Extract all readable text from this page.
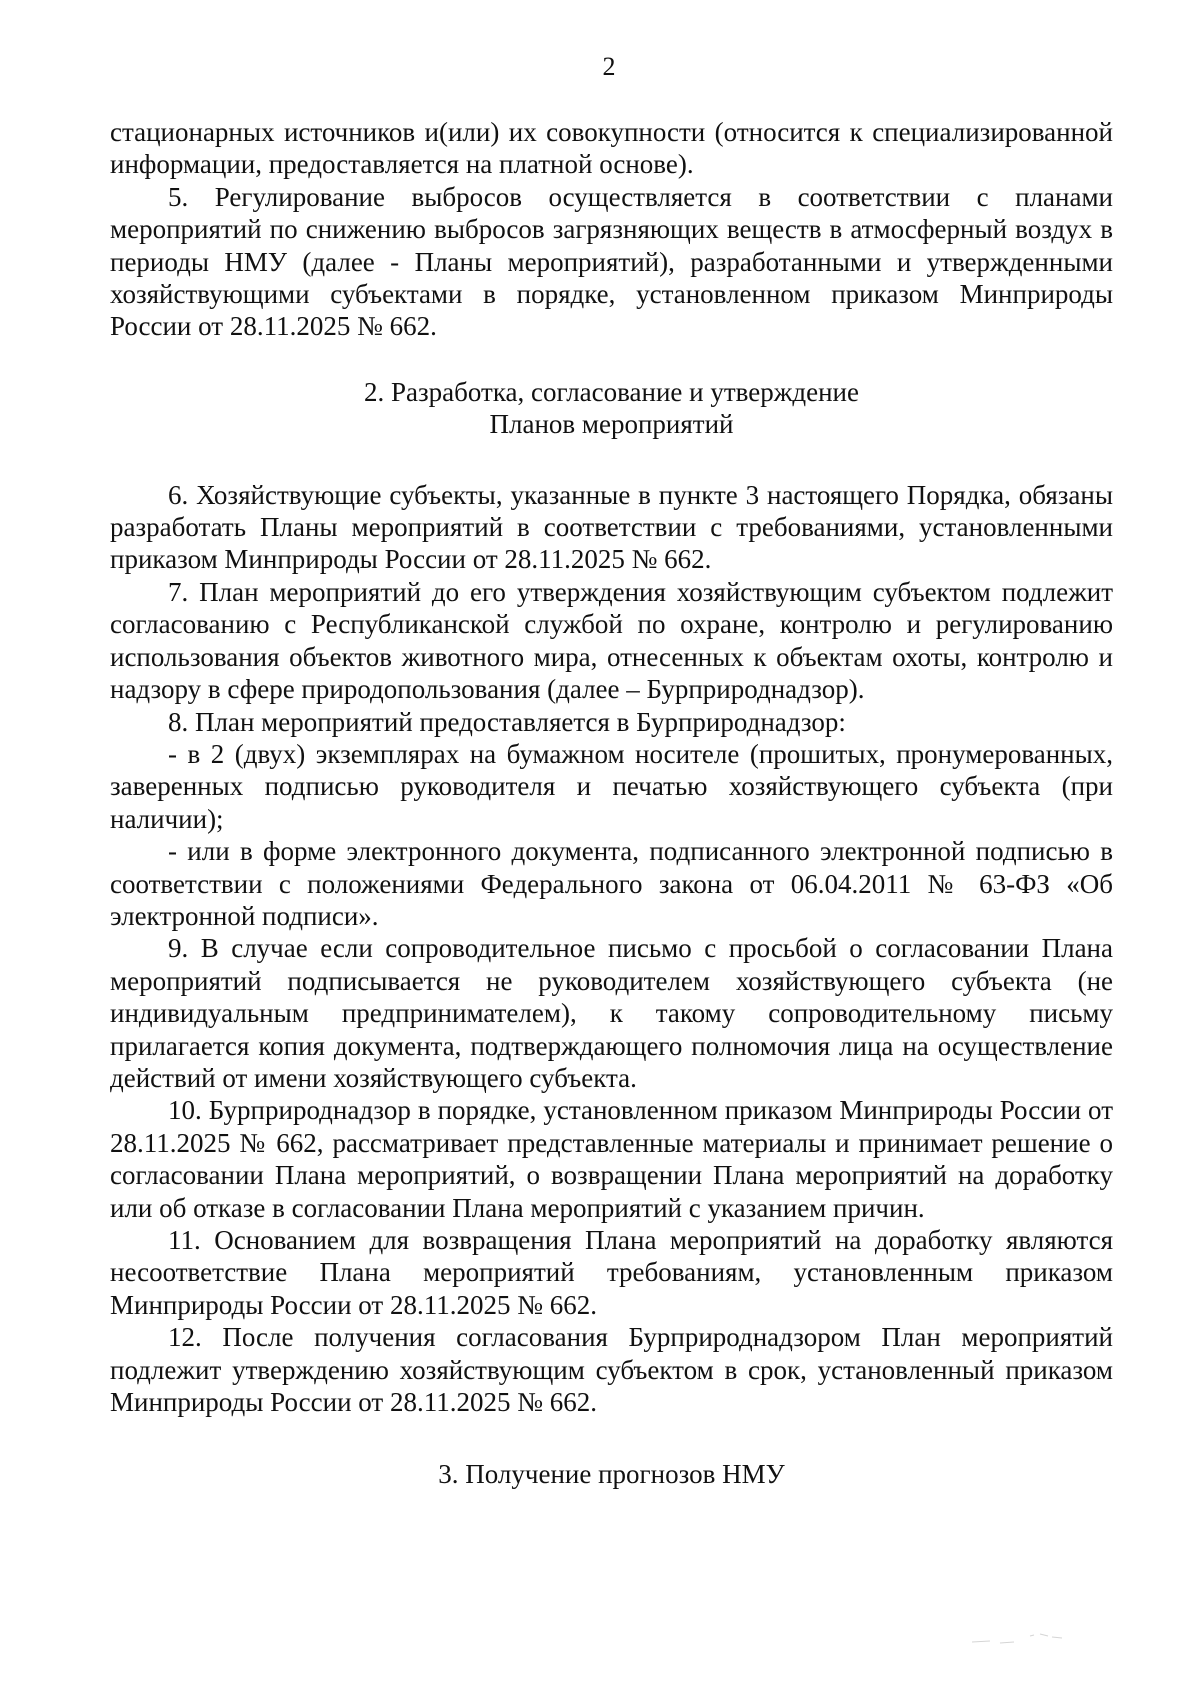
2

стационарных источников и(или) их совокупности (относится к специализированной информации, предоставляется на платной основе).

5. Регулирование выбросов осуществляется в соответствии с планами мероприятий по снижению выбросов загрязняющих веществ в атмосферный воздух в периоды НМУ (далее - Планы мероприятий), разработанными и утвержденными хозяйствующими субъектами в порядке, установленном приказом Минприроды России от 28.11.2025 № 662.

2. Разработка, согласование и утверждение

Планов мероприятий

6. Хозяйствующие субъекты, указанные в пункте 3 настоящего Порядка, обязаны разработать Планы мероприятий в соответствии с требованиями, установленными приказом Минприроды России от 28.11.2025 № 662.

7. План мероприятий до его утверждения хозяйствующим субъектом подлежит согласованию с Республиканской службой по охране, контролю и регулированию использования объектов животного мира, отнесенных к объектам охоты, контролю и надзору в сфере природопользования (далее – Бурприроднадзор).

8. План мероприятий предоставляется в Бурприроднадзор:

- в 2 (двух) экземплярах на бумажном носителе (прошитых, пронумерованных, заверенных подписью руководителя и печатью хозяйствующего субъекта (при наличии);

- или в форме электронного документа, подписанного электронной подписью в соответствии с положениями Федерального закона от 06.04.2011 № 63-ФЗ «Об электронной подписи».

9. В случае если сопроводительное письмо с просьбой о согласовании Плана мероприятий подписывается не руководителем хозяйствующего субъекта (не индивидуальным предпринимателем), к такому сопроводительному письму прилагается копия документа, подтверждающего полномочия лица на осуществление действий от имени хозяйствующего субъекта.

10. Бурприроднадзор в порядке, установленном приказом Минприроды России от 28.11.2025 № 662, рассматривает представленные материалы и принимает решение о согласовании Плана мероприятий, о возвращении Плана мероприятий на доработку или об отказе в согласовании Плана мероприятий с указанием причин.

11. Основанием для возвращения Плана мероприятий на доработку являются несоответствие Плана мероприятий требованиям, установленным приказом Минприроды России от 28.11.2025 № 662.

12. После получения согласования Бурприроднадзором План мероприятий подлежит утверждению хозяйствующим субъектом в срок, установленный приказом Минприроды России от 28.11.2025 № 662.

3. Получение прогнозов НМУ
